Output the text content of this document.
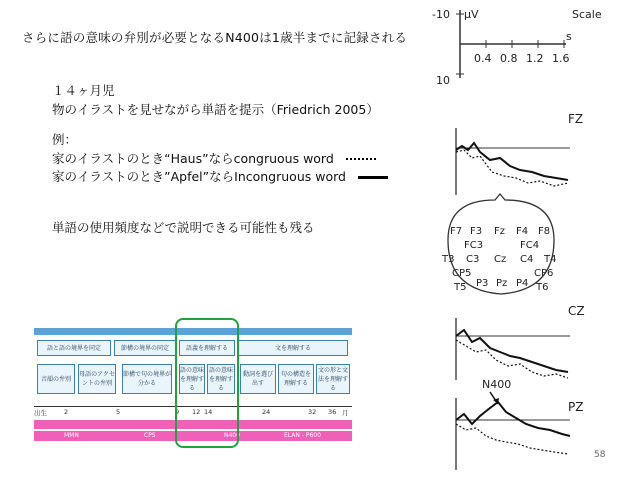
さらに語の意味の弁別が必要となるN400は1歳半までに記録される
１４ヶ月児
物のイラストを見せながら単語を提示（Friedrich 2005）
例：
家のイラストのとき“Haus”ならcongruous word
家のイラストのとき”Apfel”ならIncongruous word
単語の使用頻度などで説明できる可能性も残る
語と語の境界を同定	節構の境界の同定	語義を理解する	文を理解する
音韻の弁別
母語のアクセントの弁別
節構で句の境界が分かる
語の意味を理解する
語の意味を理解する
動詞を選び出す
句の構造を理解する
文の形と文法を理解する
出生	2	5	9 12 14	24	32 36 月
MMN	CPS	N400	ELAN - P600
-10 μV	Scale
s
0.4 0.8 1.2 1.6
10
FZ
CZ
PZ
N400
F7 F3 Fz F4 F8
FC3	FC4
T3 C3 Cz C4 T4
CP5	CP6
T5 P3 Pz P4 T6
58
